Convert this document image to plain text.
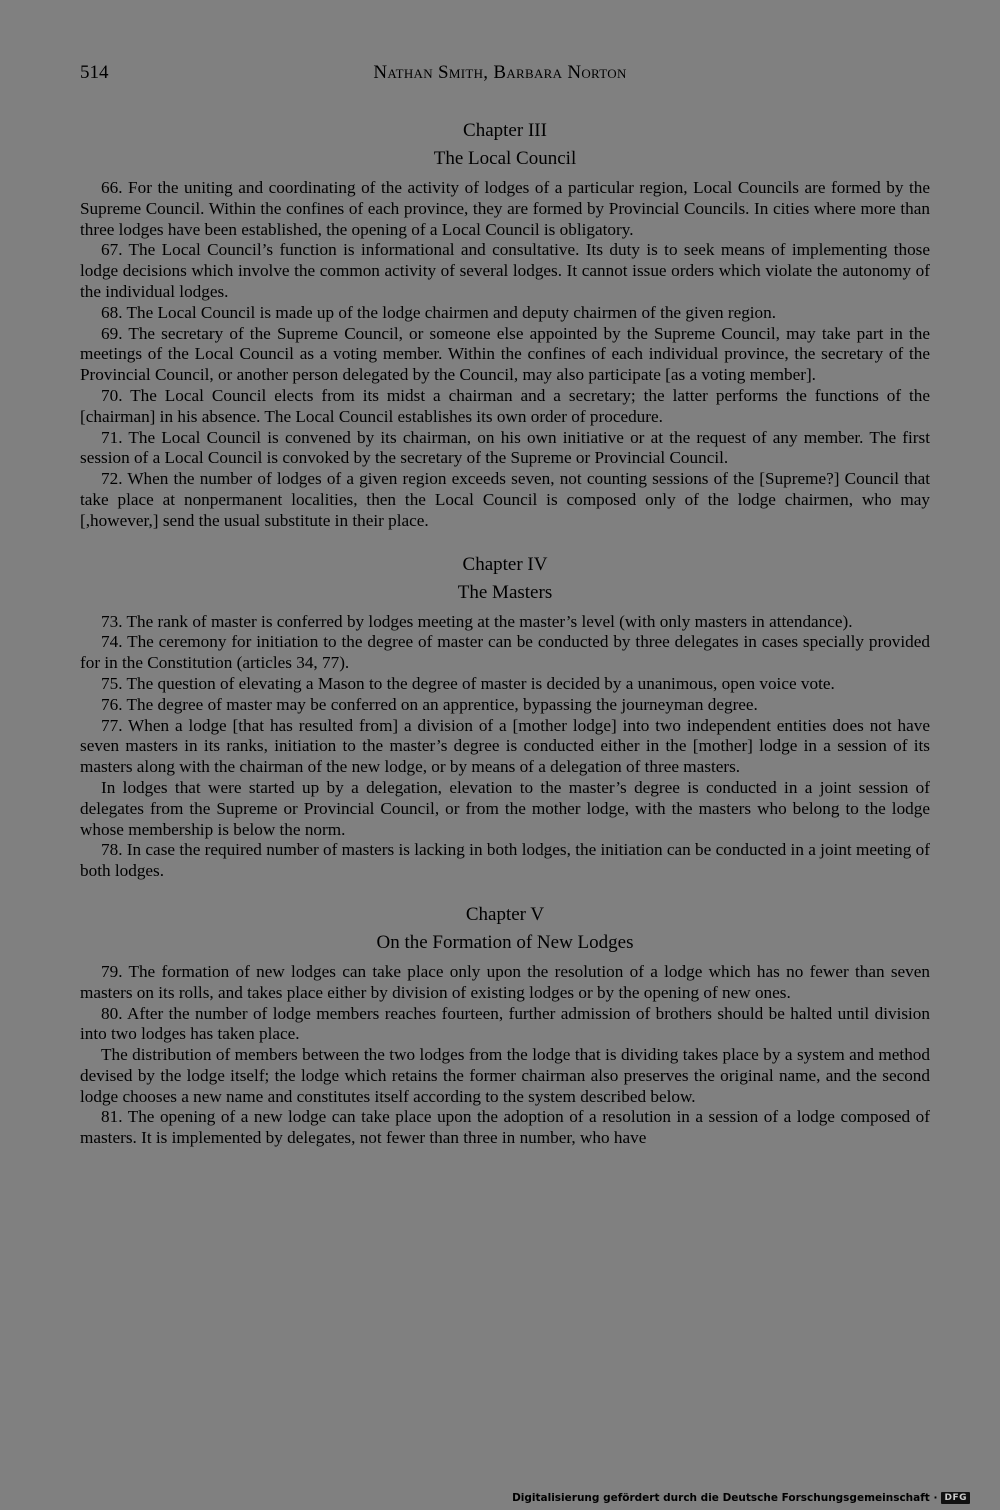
514	Nathan Smith, Barbara Norton
Chapter III
The Local Council

66. For the uniting and coordinating of the activity of lodges of a particular region, Local Councils are formed by the Supreme Council. Within the confines of each province, they are formed by Provincial Councils. In cities where more than three lodges have been established, the opening of a Local Council is obligatory.

67. The Local Council’s function is informational and consultative. Its duty is to seek means of implementing those lodge decisions which involve the common activity of several lodges. It cannot issue orders which violate the autonomy of the individual lodges.

68. The Local Council is made up of the lodge chairmen and deputy chairmen of the given region.

69. The secretary of the Supreme Council, or someone else appointed by the Supreme Council, may take part in the meetings of the Local Council as a voting member. Within the confines of each individual province, the secretary of the Provincial Council, or another person delegated by the Council, may also participate [as a voting member].

70. The Local Council elects from its midst a chairman and a secretary; the latter performs the functions of the [chairman] in his absence. The Local Council establishes its own order of procedure.

71. The Local Council is convened by its chairman, on his own initiative or at the request of any member. The first session of a Local Council is convoked by the secretary of the Supreme or Provincial Council.

72. When the number of lodges of a given region exceeds seven, not counting sessions of the [Supreme?] Council that take place at nonpermanent localities, then the Local Council is composed only of the lodge chairmen, who may [,however,] send the usual substitute in their place.

Chapter IV
The Masters

73. The rank of master is conferred by lodges meeting at the master’s level (with only masters in attendance).

74. The ceremony for initiation to the degree of master can be conducted by three delegates in cases specially provided for in the Constitution (articles 34, 77).

75. The question of elevating a Mason to the degree of master is decided by a unanimous, open voice vote.

76. The degree of master may be conferred on an apprentice, bypassing the journeyman degree.

77. When a lodge [that has resulted from] a division of a [mother lodge] into two independent entities does not have seven masters in its ranks, initiation to the master’s degree is conducted either in the [mother] lodge in a session of its masters along with the chairman of the new lodge, or by means of a delegation of three masters.

In lodges that were started up by a delegation, elevation to the master’s degree is conducted in a joint session of delegates from the Supreme or Provincial Council, or from the mother lodge, with the masters who belong to the lodge whose membership is below the norm.

78. In case the required number of masters is lacking in both lodges, the initiation can be conducted in a joint meeting of both lodges.

Chapter V
On the Formation of New Lodges

79. The formation of new lodges can take place only upon the resolution of a lodge which has no fewer than seven masters on its rolls, and takes place either by division of existing lodges or by the opening of new ones.

80. After the number of lodge members reaches fourteen, further admission of brothers should be halted until division into two lodges has taken place.

The distribution of members between the two lodges from the lodge that is dividing takes place by a system and method devised by the lodge itself; the lodge which retains the former chairman also preserves the original name, and the second lodge chooses a new name and constitutes itself according to the system described below.

81. The opening of a new lodge can take place upon the adoption of a resolution in a session of a lodge composed of masters. It is implemented by delegates, not fewer than three in number, who have

Digitalisierung gefördert durch die Deutsche Forschungsgemeinschaft · DFG
